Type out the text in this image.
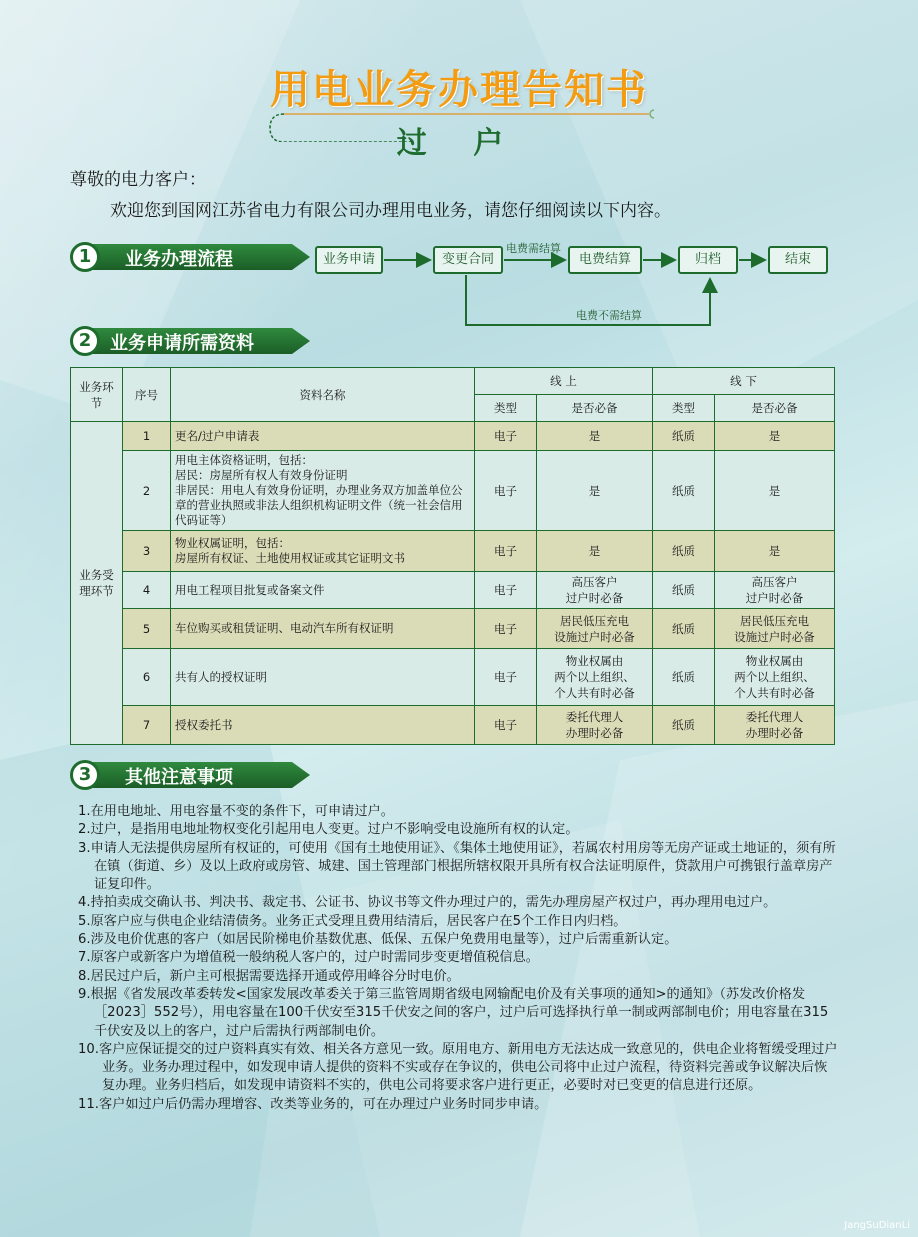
用电业务办理告知书
过 户
尊敬的电力客户：
欢迎您到国网江苏省电力有限公司办理用电业务，请您仔细阅读以下内容。
1	业务办理流程	业务申请	变更合同	电费结算	归档	结束
电费需结算
电费不需结算
2	业务申请所需资料
业务环节	序号	资料名称	线 上		线 下	
			类型	是否必备	类型	是否必备
业务受理环节	1	更名/过户申请表	电子	是	纸质	是
	2	用电主体资格证明，包括：
居民：房屋所有权人有效身份证明
非居民：用电人有效身份证明，办理业务双方加盖单位公章的营业执照或非法人组织机构证明文件（统一社会信用代码证等）	电子	是	纸质	是
	3	物业权属证明，包括：
房屋所有权证、土地使用权证或其它证明文书	电子	是	纸质	是
	4	用电工程项目批复或备案文件	电子	高压客户
过户时必备	纸质	高压客户
过户时必备
	5	车位购买或租赁证明、电动汽车所有权证明	电子	居民低压充电
设施过户时必备	纸质	居民低压充电
设施过户时必备
	6	共有人的授权证明	电子	物业权属由
两个以上组织、
个人共有时必备	纸质	物业权属由
两个以上组织、
个人共有时必备
	7	授权委托书	电子	委托代理人
办理时必备	纸质	委托代理人
办理时必备
3	其他注意事项
1.在用电地址、用电容量不变的条件下，可申请过户。
2.过户，是指用电地址物权变化引起用电人变更。过户不影响受电设施所有权的认定。
3.申请人无法提供房屋所有权证的，可使用《国有土地使用证》、《集体土地使用证》，若属农村用房等无房产证或土地证的，须有所在镇（街道、乡）及以上政府或房管、城建、国土管理部门根据所辖权限开具所有权合法证明原件，贷款用户可携银行盖章房产证复印件。
4.持拍卖成交确认书、判决书、裁定书、公证书、协议书等文件办理过户的，需先办理房屋产权过户，再办理用电过户。
5.原客户应与供电企业结清债务。业务正式受理且费用结清后，居民客户在5个工作日内归档。
6.涉及电价优惠的客户（如居民阶梯电价基数优惠、低保、五保户免费用电量等），过户后需重新认定。
7.原客户或新客户为增值税一般纳税人客户的，过户时需同步变更增值税信息。
8.居民过户后，新户主可根据需要选择开通或停用峰谷分时电价。
9.根据《省发展改革委转发<国家发展改革委关于第三监管周期省级电网输配电价及有关事项的通知>的通知》（苏发改价格发［2023］552号），用电容量在100千伏安至315千伏安之间的客户，过户后可选择执行单一制或两部制电价；用电容量在315千伏安及以上的客户，过户后需执行两部制电价。
10.客户应保证提交的过户资料真实有效、相关各方意见一致。原用电方、新用电方无法达成一致意见的，供电企业将暂缓受理过户业务。业务办理过程中，如发现申请人提供的资料不实或存在争议的，供电公司将中止过户流程，待资料完善或争议解决后恢复办理。业务归档后，如发现申请资料不实的，供电公司将要求客户进行更正，必要时对已变更的信息进行还原。
11.客户如过户后仍需办理增容、改类等业务的，可在办理过户业务时同步申请。
JangSuDianLi
